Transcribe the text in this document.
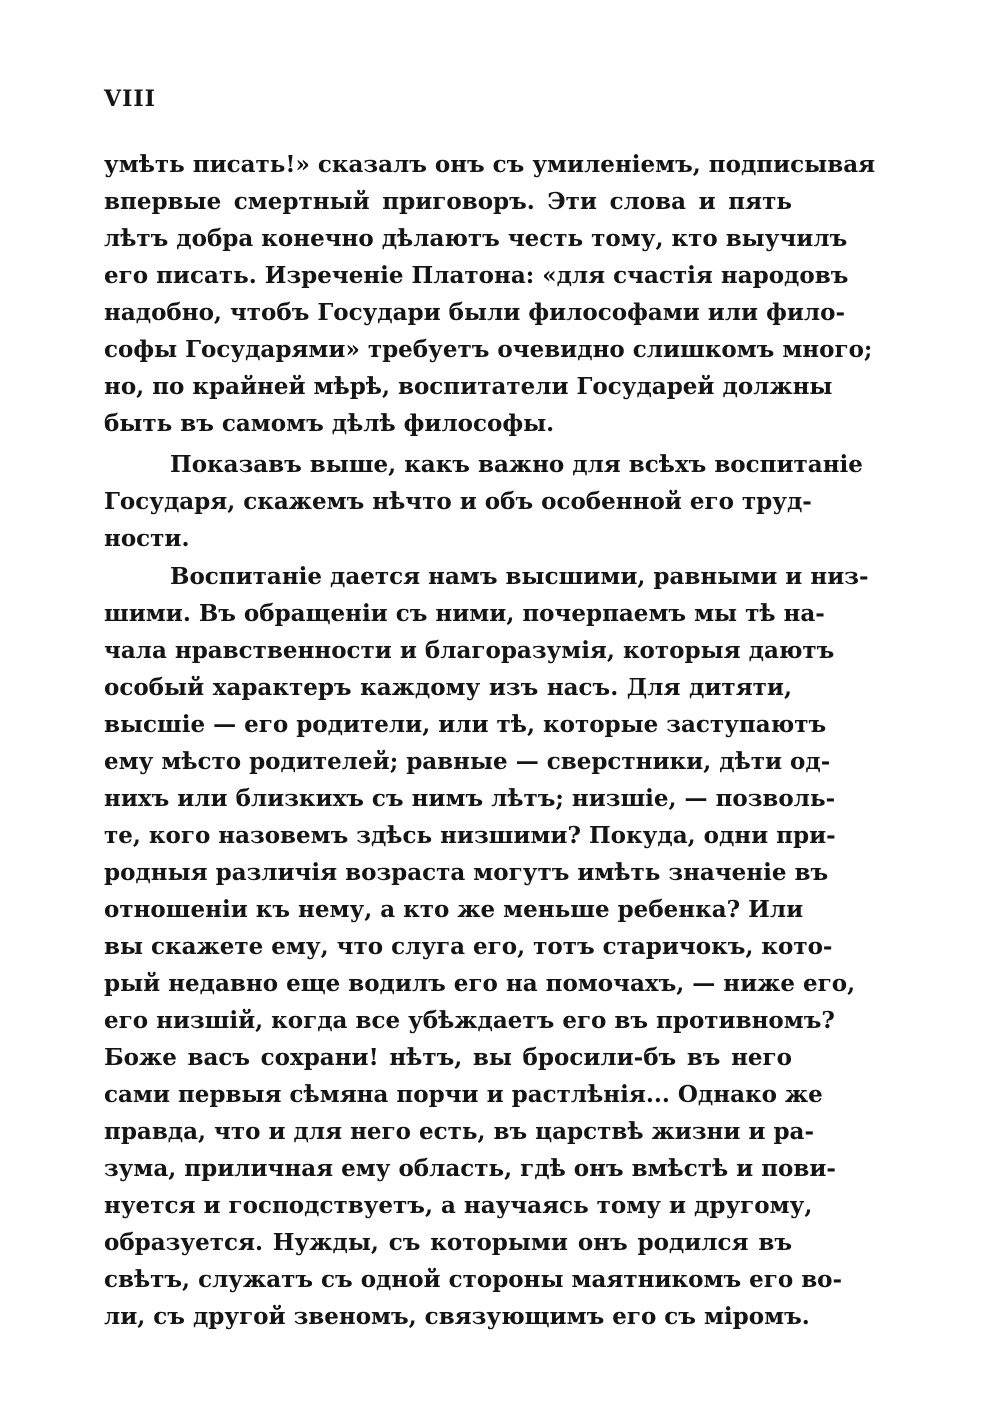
VIII
умѣть писать!» сказалъ онъ съ умиленіемъ, подписывая
впервые смертный приговоръ. Эти слова и пять
лѣтъ добра конечно дѣлаютъ честь тому, кто выучилъ
его писать. Изреченіе Платона: «для счастія народовъ
надобно, чтобъ Государи были философами или фило-
софы Государями» требуетъ очевидно слишкомъ много;
но, по крайней мѣрѣ, воспитатели Государей должны
быть въ самомъ дѣлѣ философы.
Показавъ выше, какъ важно для всѣхъ воспитаніе
Государя, скажемъ нѣчто и объ особенной его труд-
ности.
Воспитаніе дается намъ высшими, равными и низ-
шими. Въ обращеніи съ ними, почерпаемъ мы тѣ на-
чала нравственности и благоразумія, которыя даютъ
особый характеръ каждому изъ насъ. Для дитяти,
высшіе — его родители, или тѣ, которые заступаютъ
ему мѣсто родителей; равные — сверстники, дѣти од-
нихъ или близкихъ съ нимъ лѣтъ; низшіе, — позволь-
те, кого назовемъ здѣсь низшими? Покуда, одни при-
родныя различія возраста могутъ имѣть значеніе въ
отношеніи къ нему, а кто же меньше ребенка? Или
вы скажете ему, что слуга его, тотъ старичокъ, кото-
рый недавно еще водилъ его на помочахъ, — ниже его,
его низшій, когда все убѣждаетъ его въ противномъ?
Боже васъ сохрани! нѣтъ, вы бросили-бъ въ него
сами первыя сѣмяна порчи и растлѣнія... Однако же
правда, что и для него есть, въ царствѣ жизни и ра-
зума, приличная ему область, гдѣ онъ вмѣстѣ и пови-
нуется и господствуетъ, а научаясь тому и другому,
образуется. Нужды, съ которыми онъ родился въ
свѣтъ, служатъ съ одной стороны маятникомъ его во-
ли, съ другой звеномъ, связующимъ его съ міромъ.
